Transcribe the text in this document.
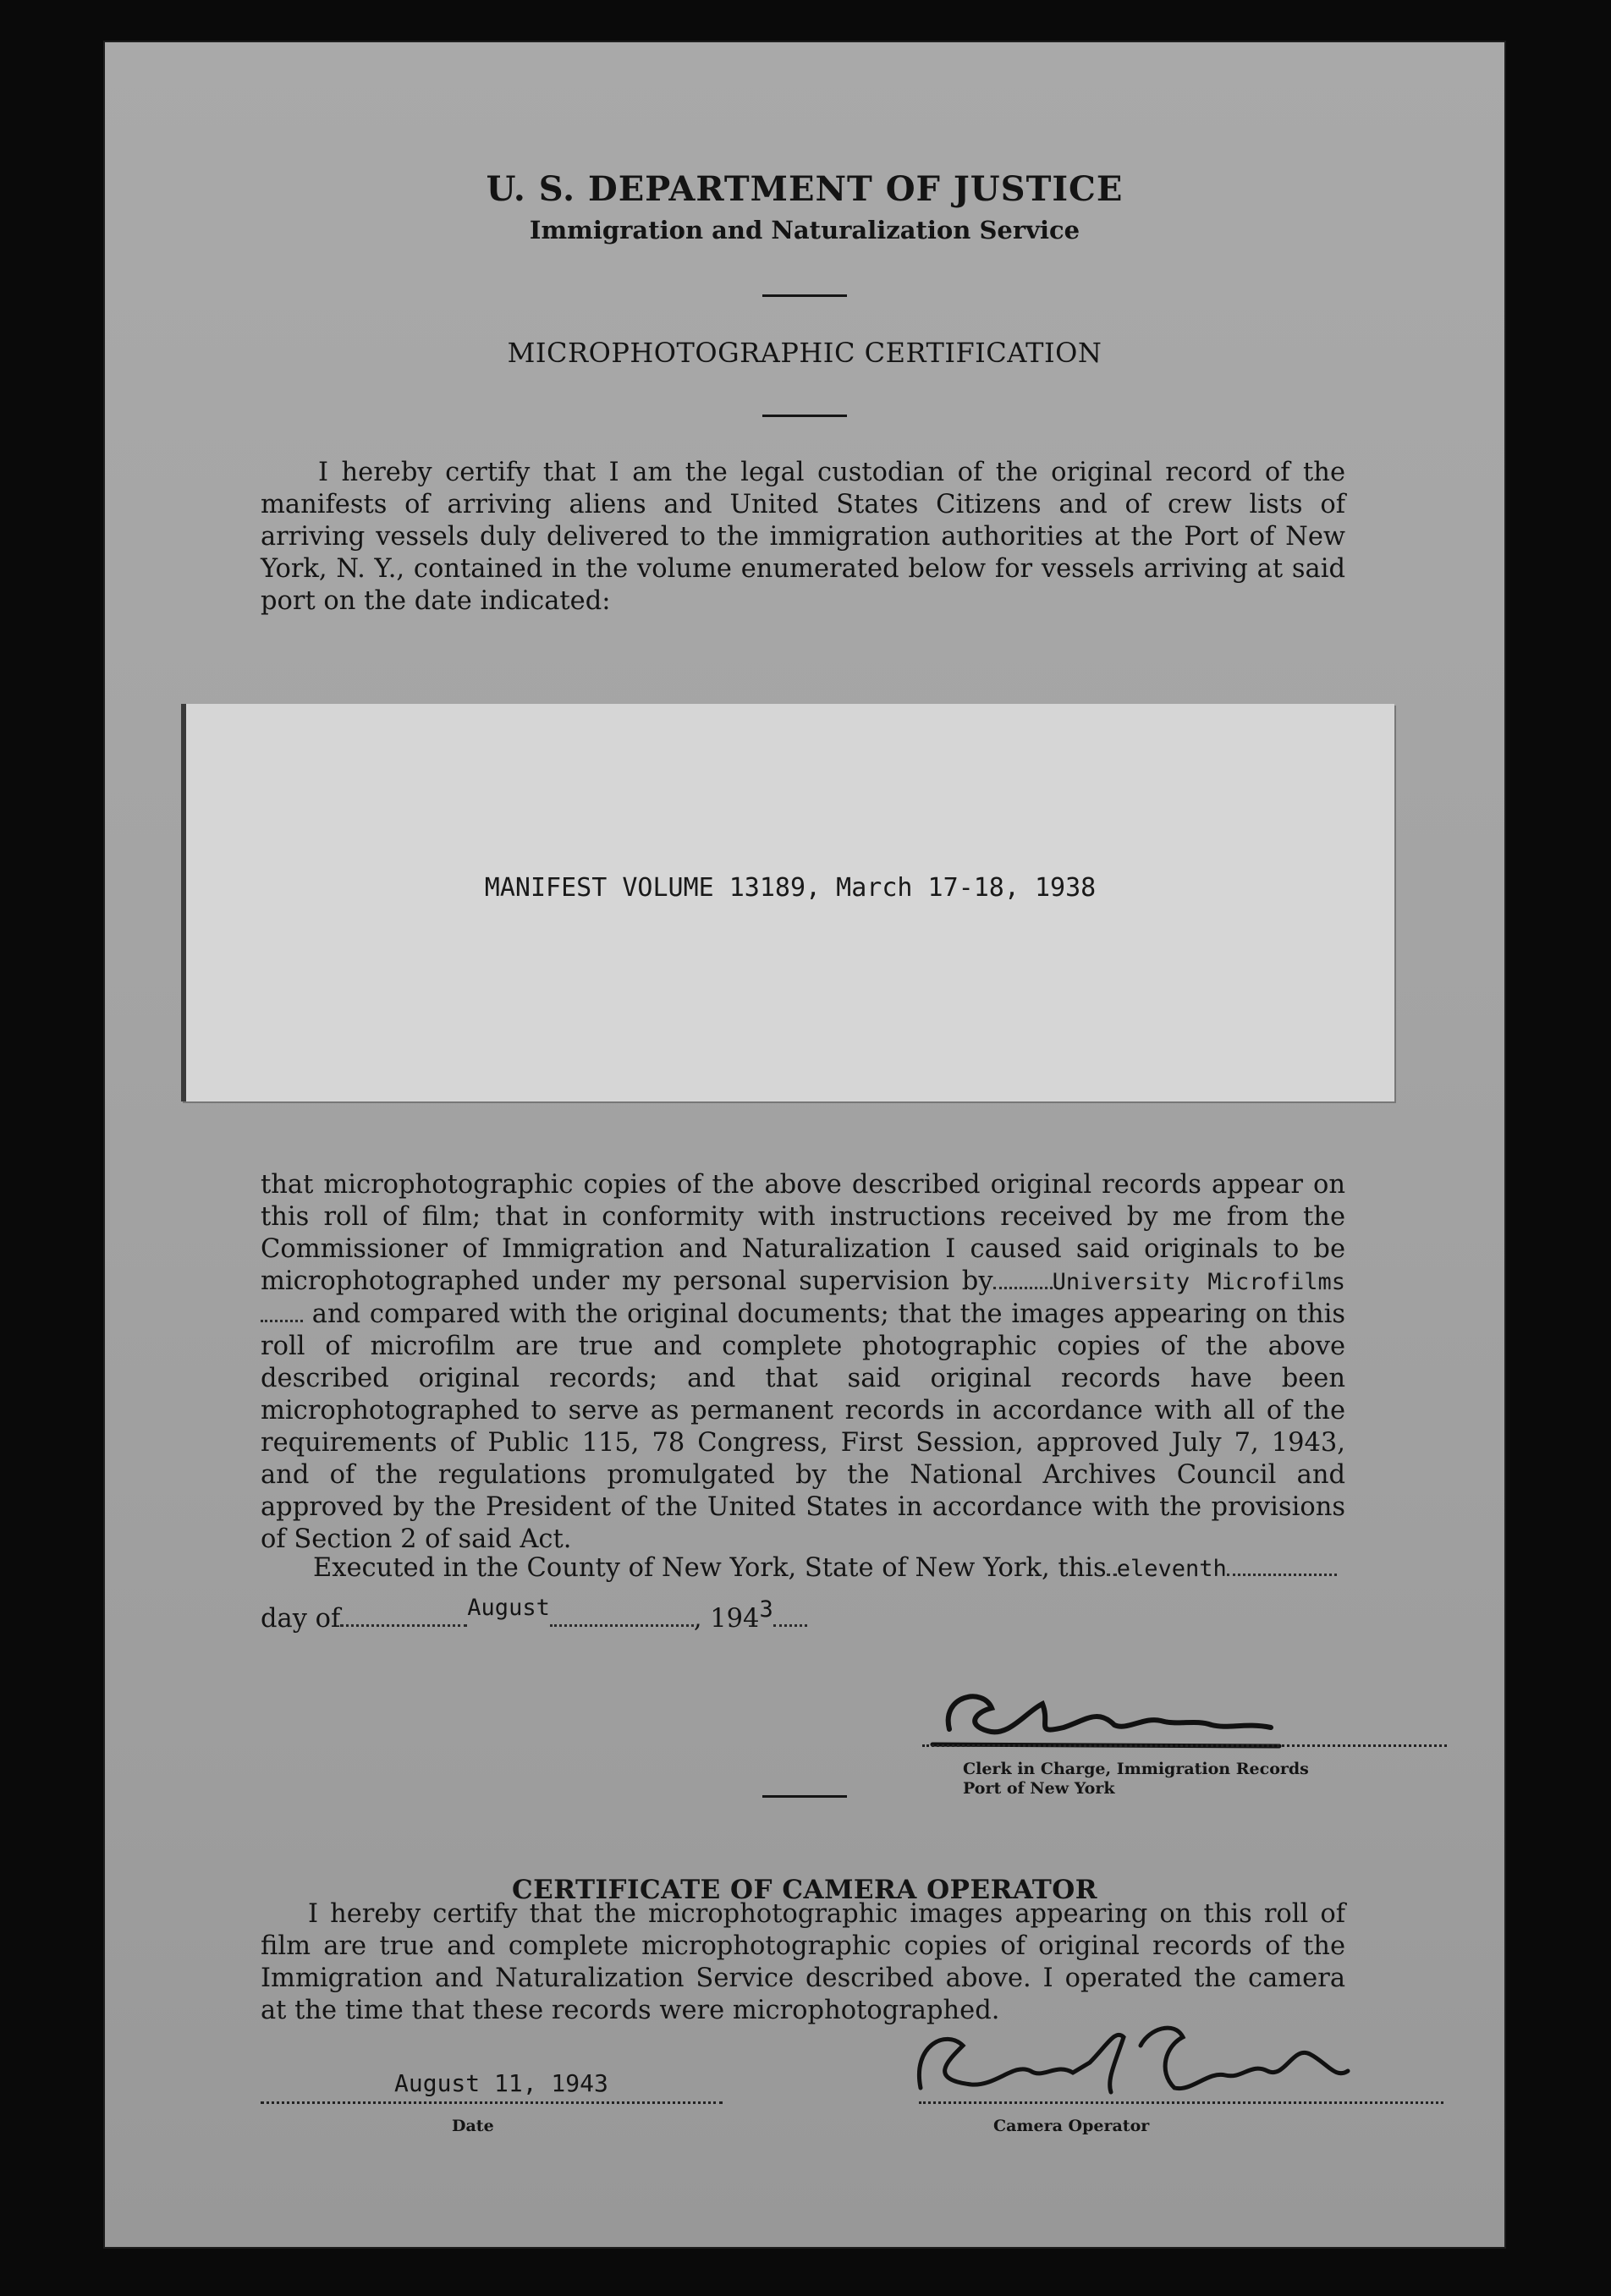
U. S. DEPARTMENT OF JUSTICE
Immigration and Naturalization Service
MICROPHOTOGRAPHIC CERTIFICATION
I hereby certify that I am the legal custodian of the original record of the manifests of arriving aliens and United States Citizens and of crew lists of arriving vessels duly delivered to the immigration authorities at the Port of New York, N. Y., contained in the volume enumerated below for vessels arriving at said port on the date indicated:
MANIFEST VOLUME 13189, March 17-18, 1938
that microphotographic copies of the above described original records appear on this roll of film; that in conformity with instructions received by me from the Commissioner of Immigration and Naturalization I caused said originals to be microphotographed under my personal supervision by	University Microfilms and compared with the original documents; that the images appearing on this roll of microfilm are true and complete photographic copies of the above described original records; and that said original records have been microphotographed to serve as permanent records in accordance with all of the requirements of Public 115, 78 Congress, First Session, approved July 7, 1943, and of the regulations promulgated by the National Archives Council and approved by the President of the United States in accordance with the provisions of Section 2 of said Act.
Executed in the County of New York, State of New York, this eleventh
day of	August	, 1943
Clerk in Charge, Immigration Records
Port of New York
CERTIFICATE OF CAMERA OPERATOR
I hereby certify that the microphotographic images appearing on this roll of film are true and complete microphotographic copies of original records of the Immigration and Naturalization Service described above. I operated the camera at the time that these records were microphotographed.
August 11, 1943
Date	Camera Operator
